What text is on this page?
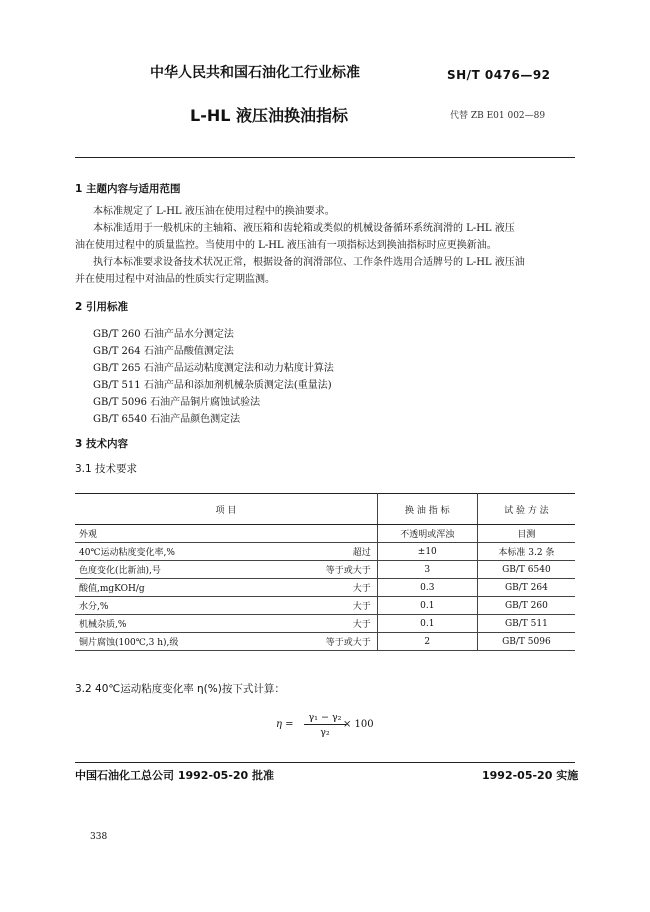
中华人民共和国石油化工行业标准	SH/T 0476—92
L-HL 液压油换油指标	代替 ZB E01 002—89
1 主题内容与适用范围
本标准规定了 L-HL 液压油在使用过程中的换油要求。
本标准适用于一般机床的主轴箱、液压箱和齿轮箱或类似的机械设备循环系统润滑的 L-HL 液压
油在使用过程中的质量监控。当使用中的 L-HL 液压油有一项指标达到换油指标时应更换新油。
执行本标准要求设备技术状况正常，根据设备的润滑部位、工作条件选用合适牌号的 L-HL 液压油
并在使用过程中对油品的性质实行定期监测。
2 引用标准
GB/T 260 石油产品水分测定法
GB/T 264 石油产品酸值测定法
GB/T 265 石油产品运动粘度测定法和动力粘度计算法
GB/T 511 石油产品和添加剂机械杂质测定法(重量法)
GB/T 5096 石油产品铜片腐蚀试验法
GB/T 6540 石油产品颜色测定法
3 技术内容
3.1 技术要求
项 目	换 油 指 标	试 验 方 法

外观	不透明或浑浊	目测

40℃运动粘度变化率,% 超过	±10	本标准 3.2 条

色度变化(比新油),号 等于或大于	3	GB/T 6540

酸值,mgKOH/g 大于	0.3	GB/T 264

水分,% 大于	0.1	GB/T 260

机械杂质,% 大于	0.1	GB/T 511

铜片腐蚀(100℃,3 h),级 等于或大于	2	GB/T 5096
3.2 40℃运动粘度变化率 η(%)按下式计算：
η =
γ₁ − γ₂
γ₂
× 100
中国石油化工总公司 1992-05-20 批准	1992-05-20 实施
338
